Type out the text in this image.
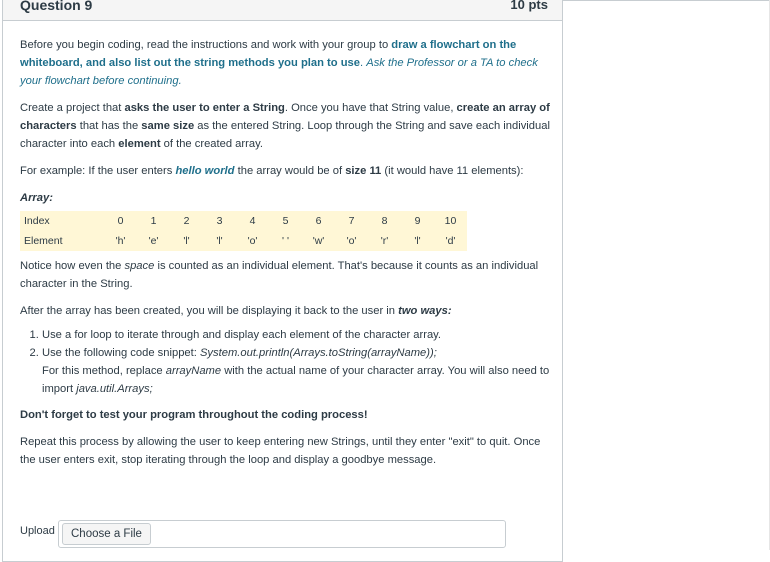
Question 9	10 pts

Before you begin coding, read the instructions and work with your group to draw a flowchart on the whiteboard, and also list out the string methods you plan to use. Ask the Professor or a TA to check your flowchart before continuing.

Create a project that asks the user to enter a String. Once you have that String value, create an array of characters that has the same size as the entered String. Loop through the String and save each individual character into each element of the created array.

For example: If the user enters hello world the array would be of size 11 (it would have 11 elements):

Array:

Index	0	1	2	3	4	5	6	7	8	9	10
Element	'h'	'e'	'l'	'l'	'o'	' '	'w'	'o'	'r'	'l'	'd'

Notice how even the space is counted as an individual element. That's because it counts as an individual character in the String.

After the array has been created, you will be displaying it back to the user in two ways:

1. Use a for loop to iterate through and display each element of the character array.
2. Use the following code snippet: System.out.println(Arrays.toString(arrayName));
For this method, replace arrayName with the actual name of your character array. You will also need to import java.util.Arrays;

Don't forget to test your program throughout the coding process!

Repeat this process by allowing the user to keep entering new Strings, until they enter "exit" to quit. Once the user enters exit, stop iterating through the loop and display a goodbye message.

Upload	Choose a File
